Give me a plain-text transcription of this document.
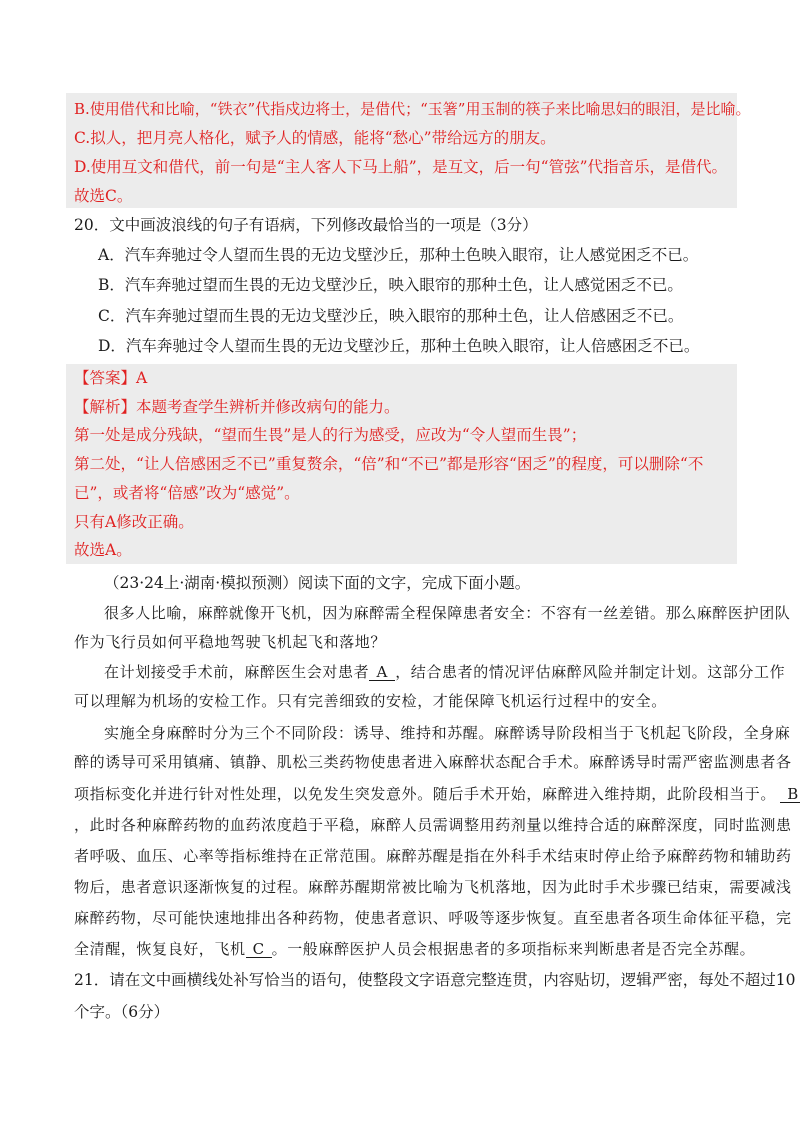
B.使用借代和比喻，“铁衣”代指戍边将士，是借代；“玉箸”用玉制的筷子来比喻思妇的眼泪，是比喻。
C.拟人，把月亮人格化，赋予人的情感，能将“愁心”带给远方的朋友。
D.使用互文和借代，前一句是“主人客人下马上船”，是互文，后一句“管弦”代指音乐，是借代。
故选C。
20．文中画波浪线的句子有语病，下列修改最恰当的一项是（3分）
A．汽车奔驰过令人望而生畏的无边戈壁沙丘，那种土色映入眼帘，让人感觉困乏不已。
B．汽车奔驰过望而生畏的无边戈壁沙丘，映入眼帘的那种土色，让人感觉困乏不已。
C．汽车奔驰过望而生畏的无边戈壁沙丘，映入眼帘的那种土色，让人倍感困乏不已。
D．汽车奔驰过令人望而生畏的无边戈壁沙丘，那种土色映入眼帘，让人倍感困乏不已。
【答案】A
【解析】本题考查学生辨析并修改病句的能力。
第一处是成分残缺，“望而生畏”是人的行为感受，应改为“令人望而生畏”；
第二处，“让人倍感困乏不已”重复赘余，“倍”和“不已”都是形容“困乏”的程度，可以删除“不
已”，或者将“倍感”改为“感觉”。
只有A修改正确。
故选A。
（23·24上·湖南·模拟预测）阅读下面的文字，完成下面小题。
很多人比喻，麻醉就像开飞机，因为麻醉需全程保障患者安全：不容有一丝差错。那么麻醉医护团队
作为飞行员如何平稳地驾驶飞机起飞和落地？
在计划接受手术前，麻醉医生会对患者 A ，结合患者的情况评估麻醉风险并制定计划。这部分工作
可以理解为机场的安检工作。只有完善细致的安检，才能保障飞机运行过程中的安全。
实施全身麻醉时分为三个不同阶段：诱导、维持和苏醒。麻醉诱导阶段相当于飞机起飞阶段，全身麻
醉的诱导可采用镇痛、镇静、肌松三类药物使患者进入麻醉状态配合手术。麻醉诱导时需严密监测患者各
项指标变化并进行针对性处理，以免发生突发意外。随后手术开始，麻醉进入维持期，此阶段相当于。 B
，此时各种麻醉药物的血药浓度趋于平稳，麻醉人员需调整用药剂量以维持合适的麻醉深度，同时监测患
者呼吸、血压、心率等指标维持在正常范围。麻醉苏醒是指在外科手术结束时停止给予麻醉药物和辅助药
物后，患者意识逐渐恢复的过程。麻醉苏醒期常被比喻为飞机落地，因为此时手术步骤已结束，需要减浅
麻醉药物，尽可能快速地排出各种药物，使患者意识、呼吸等逐步恢复。直至患者各项生命体征平稳，完
全清醒，恢复良好，飞机 C 。一般麻醉医护人员会根据患者的多项指标来判断患者是否完全苏醒。
21．请在文中画横线处补写恰当的语句，使整段文字语意完整连贯，内容贴切，逻辑严密，每处不超过10
个字。（6分）
